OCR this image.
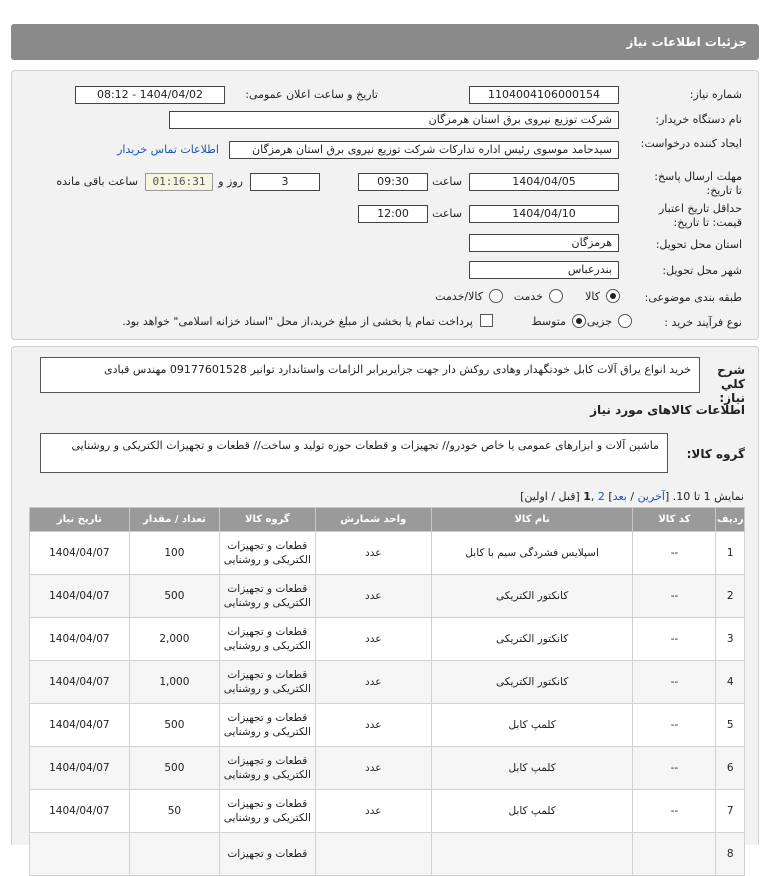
جزئیات اطلاعات نیاز
شماره نیاز:
1104004106000154
تاریخ و ساعت اعلان عمومی:
1404/04/02 - 08:12
نام دستگاه خریدار:
شرکت توزیع نیروی برق استان هرمزگان
ایجاد کننده درخواست:
سیدحامد موسوی رئیس اداره تدارکات شرکت توزیع نیروی برق استان هرمزگان
اطلاعات تماس خریدار
مهلت ارسال پاسخ:
تا تاریخ:
1404/04/05
ساعت
09:30
3
روز و
01:16:31
ساعت باقی مانده
حداقل تاریخ اعتبار
قیمت: تا تاریخ:
1404/04/10
ساعت
12:00
استان محل تحویل:
هرمزگان
شهر محل تحویل:
بندرعباس
طبقه بندی موضوعی:
کالا
خدمت
کالا/خدمت
نوع فرآیند خرید :
جزیی
متوسط
پرداخت تمام یا بخشی از مبلغ خرید،از محل "اسناد خزانه اسلامی" خواهد بود.
شرح کلي نياز:
خرید انواع یراق آلات کابل خودنگهدار وهادی روکش دار جهت جزایربرابر الزامات واستاندارد توانیر 09177601528 مهندس قبادی
اطلاعات کالاهای مورد نیاز
گروه کالا:
ماشین آلات و ابزارهای عمومی یا خاص خودرو// تجهیزات و قطعات حوزه تولید و ساخت// قطعات و تجهیزات الکتریکی و روشنایی
نمایش 1 تا 10. [آخرین / بعد] 2 ,1 [قبل / اولین]
ردیف	کد کالا	نام کالا	واحد شمارش	گروه کالا	تعداد / مقدار	تاریخ نیاز
1	--	اسپلایس فشردگی سیم با کابل	عدد	قطعات و تجهیزات الکتریکی و روشنایی	100	1404/04/07
2	--	کانکتور الکتریکی	عدد	قطعات و تجهیزات الکتریکی و روشنایی	500	1404/04/07
3	--	کانکتور الکتریکی	عدد	قطعات و تجهیزات الکتریکی و روشنایی	2,000	1404/04/07
4	--	کانکتور الکتریکی	عدد	قطعات و تجهیزات الکتریکی و روشنایی	1,000	1404/04/07
5	--	کلمپ کابل	عدد	قطعات و تجهیزات الکتریکی و روشنایی	500	1404/04/07
6	--	کلمپ کابل	عدد	قطعات و تجهیزات الکتریکی و روشنایی	500	1404/04/07
7	--	کلمپ کابل	عدد	قطعات و تجهیزات الکتریکی و روشنایی	50	1404/04/07
8				قطعات و تجهیزات		
